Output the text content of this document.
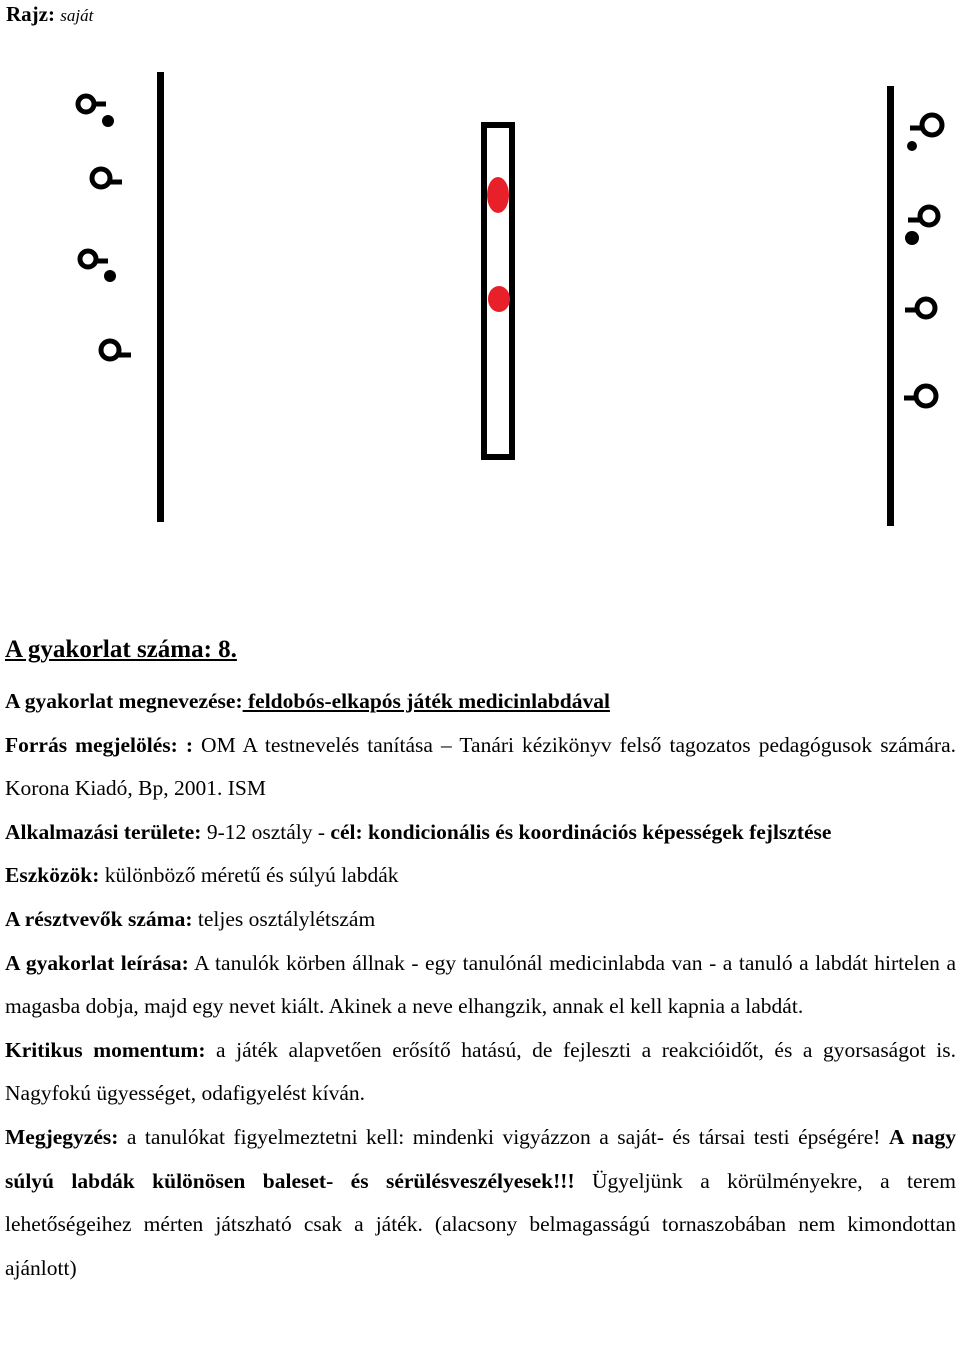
Rajz: saját
A gyakorlat száma: 8.

A gyakorlat megnevezése: feldobós-elkapós játék medicinlabdával

Forrás megjelölés: : OM A testnevelés tanítása – Tanári kézikönyv felső tagozatos pedagógusok számára. Korona Kiadó, Bp, 2001. ISM

Alkalmazási területe: 9-12 osztály - cél: kondicionális és koordinációs képességek fejlsztése

Eszközök: különböző méretű és súlyú labdák

A résztvevők száma: teljes osztálylétszám

A gyakorlat leírása: A tanulók körben állnak - egy tanulónál medicinlabda van - a tanuló a labdát hirtelen a magasba dobja, majd egy nevet kiált. Akinek a neve elhangzik, annak el kell kapnia a labdát.

Kritikus momentum: a játék alapvetően erősítő hatású, de fejleszti a reakcióidőt, és a gyorsaságot is. Nagyfokú ügyességet, odafigyelést kíván.

Megjegyzés: a tanulókat figyelmeztetni kell: mindenki vigyázzon a saját- és társai testi épségére! A nagy súlyú labdák különösen baleset- és sérülésveszélyesek!!! Ügyeljünk a körülményekre, a terem lehetőségeihez mérten játszható csak a játék. (alacsony belmagasságú tornaszobában nem kimondottan ajánlott)
